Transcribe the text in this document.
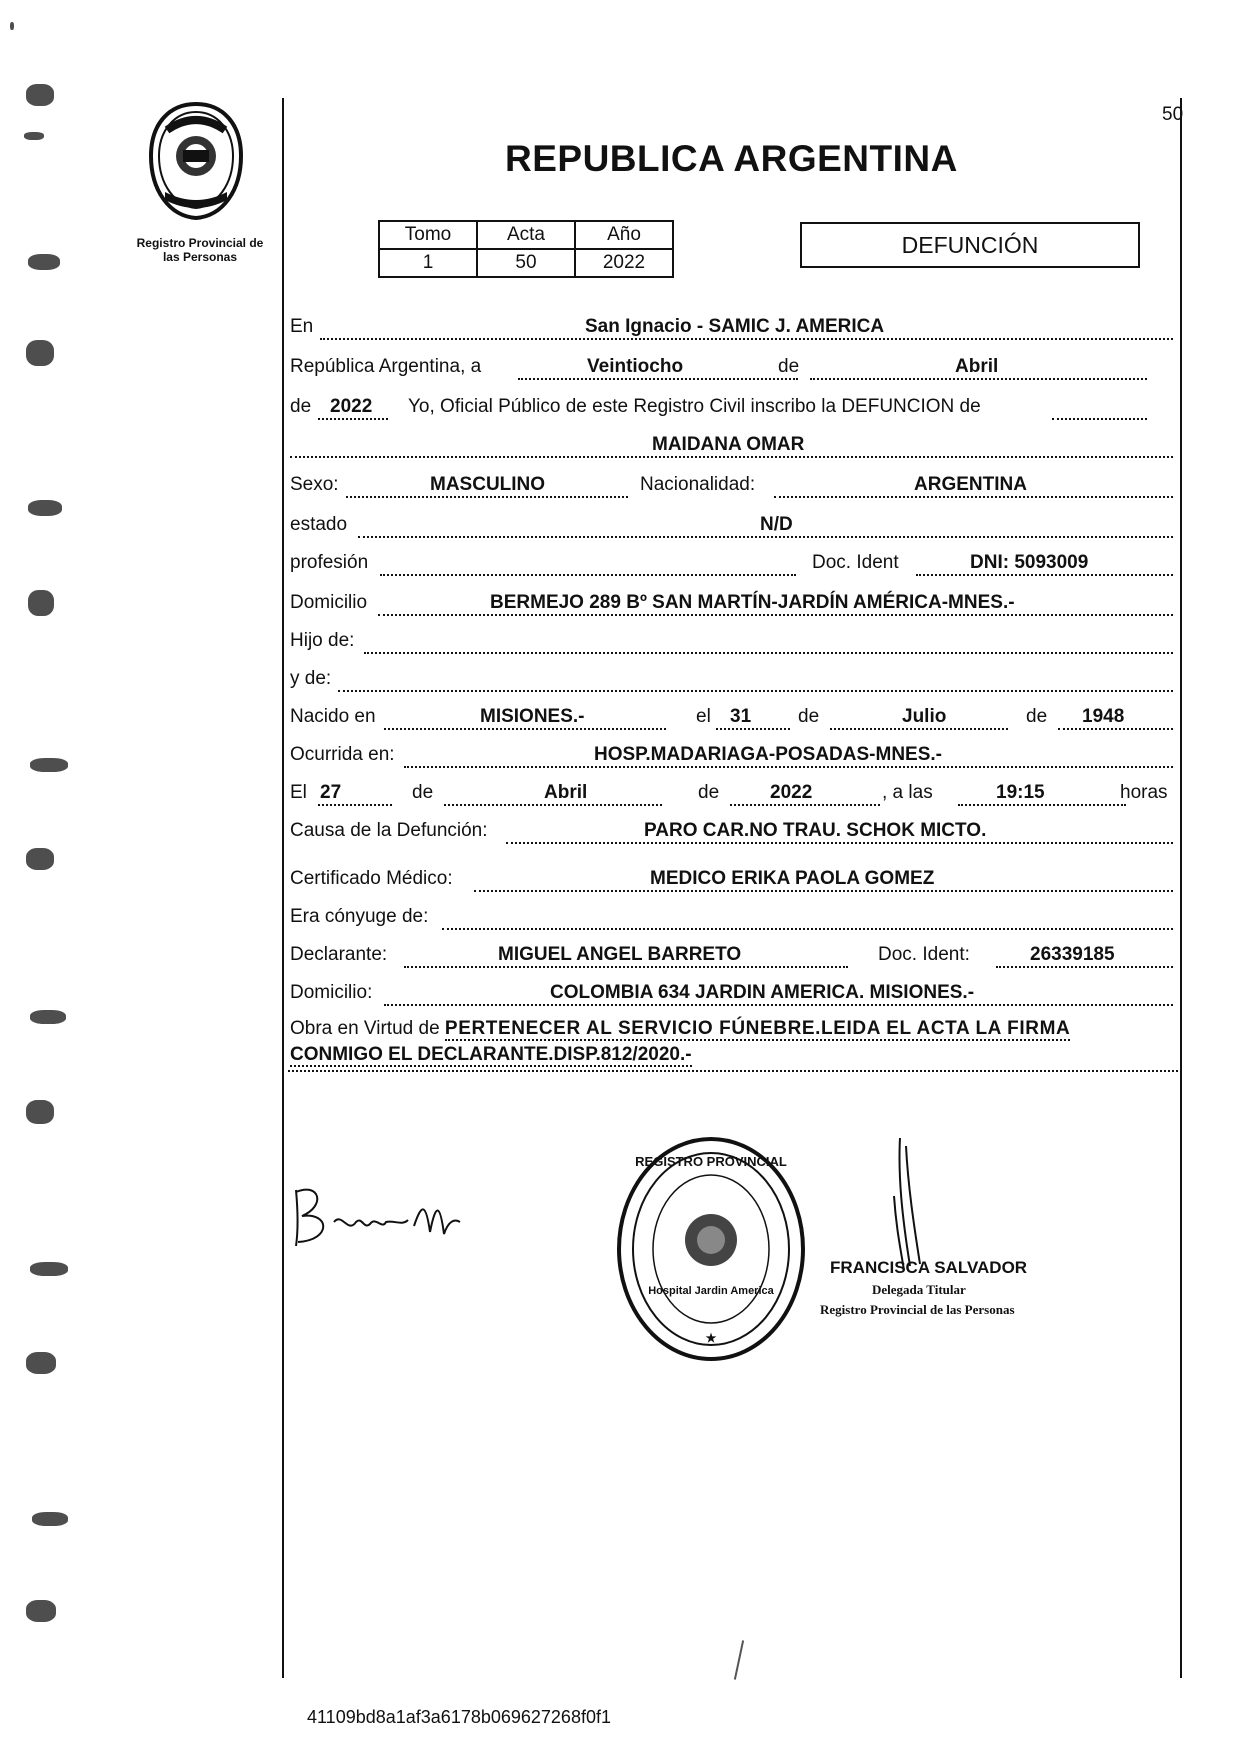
Registro Provincial de
las Personas
50
REPUBLICA ARGENTINA
Tomo	Acta	Año
1	50	2022
DEFUNCIÓN
En	San Ignacio - SAMIC J. AMERICA
República Argentina, a	Veintiocho	de	Abril
de 2022 Yo, Oficial Público de este Registro Civil inscribo la DEFUNCION de
MAIDANA OMAR
Sexo:	MASCULINO	Nacionalidad:	ARGENTINA
estado	N/D
profesión	Doc. Ident	DNI: 5093009
Domicilio	BERMEJO 289 Bº SAN MARTÍN-JARDÍN AMÉRICA-MNES.-
Hijo de:
y de:
Nacido en	MISIONES.-	el 31 de	Julio	de 1948
Ocurrida en:	HOSP.MADARIAGA-POSADAS-MNES.-
El 27	de	Abril	de	2022	, a las	19:15	horas
Causa de la Defunción:	PARO CAR.NO TRAU. SCHOK MICTO.
Certificado Médico:	MEDICO ERIKA PAOLA GOMEZ
Era cónyuge de:
Declarante:	MIGUEL ANGEL BARRETO	Doc. Ident:	26339185
Domicilio:	COLOMBIA 634 JARDIN AMERICA. MISIONES.-
Obra en Virtud de PERTENECER AL SERVICIO FÚNEBRE.LEIDA EL ACTA LA FIRMA
CONMIGO EL DECLARANTE.DISP.812/2020.-
REGISTRO PROVINCIAL
★
Hospital Jardin America
FRANCISCA SALVADOR
Delegada Titular
Registro Provincial de las Personas
41109bd8a1af3a6178b069627268f0f1
